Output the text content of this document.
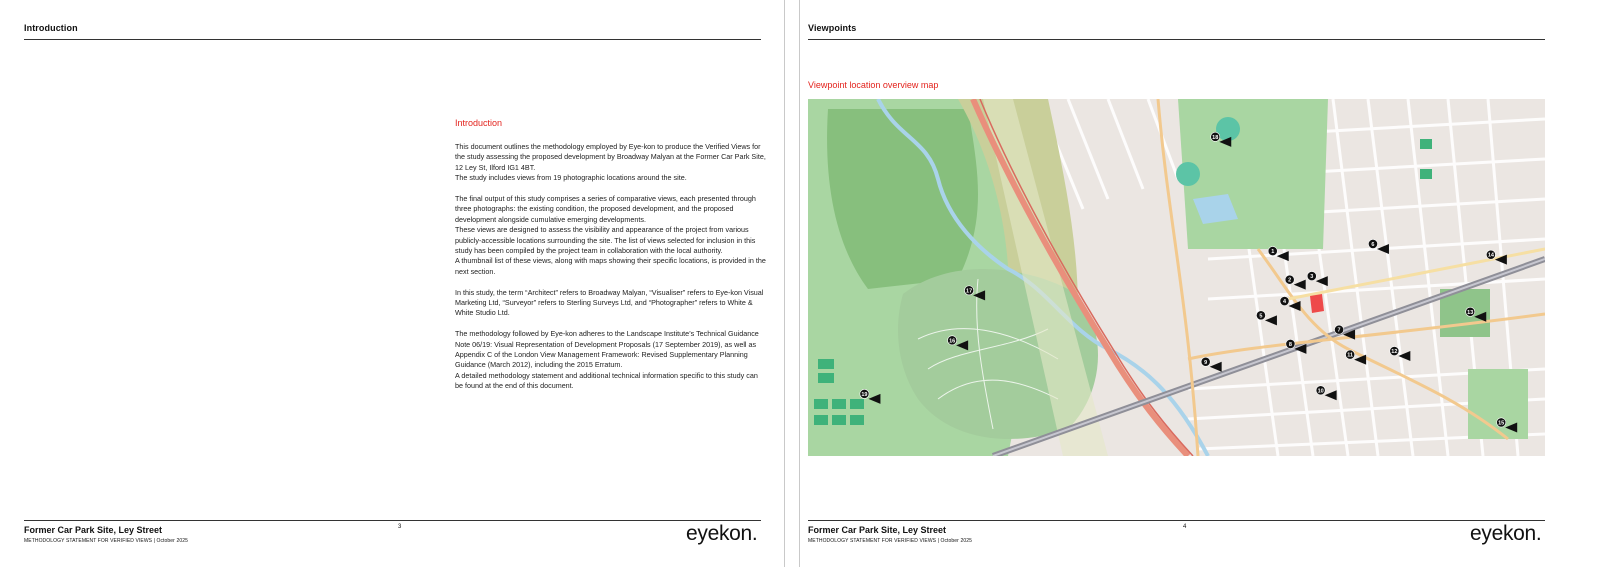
Introduction
Introduction

This document outlines the methodology employed by Eye-kon to produce the Verified Views for the study assessing the proposed development by Broadway Malyan at the Former Car Park Site, 12 Ley St, Ilford IG1 4BT.
The study includes views from 19 photographic locations around the site.

The final output of this study comprises a series of comparative views, each presented through three photographs: the existing condition, the proposed development, and the proposed development alongside cumulative emerging developments.
These views are designed to assess the visibility and appearance of the project from various publicly-accessible locations surrounding the site. The list of views selected for inclusion in this study has been compiled by the project team in collaboration with the local authority.
A thumbnail list of these views, along with maps showing their specific locations, is provided in the next section.

In this study, the term “Architect” refers to Broadway Malyan, “Visualiser” refers to Eye-kon Visual Marketing Ltd, “Surveyor” refers to Sterling Surveys Ltd, and “Photographer” refers to White & White Studio Ltd.

The methodology followed by Eye-kon adheres to the Landscape Institute’s Technical Guidance Note 06/19: Visual Representation of Development Proposals (17 September 2019), as well as Appendix C of the London View Management Framework: Revised Supplementary Planning Guidance (March 2012), including the 2015 Erratum.
A detailed methodology statement and additional technical information specific to this study can be found at the end of this document.

Former Car Park Site, Ley Street
METHODOLOGY STATEMENT FOR VERIFIED VIEWS | October 2025
3	eyekon.
Viewpoints
Viewpoint location overview map
1
2
3
4
5
6
7
8
9
10
11
12
13
14
15
16
17
18
19
Former Car Park Site, Ley Street
METHODOLOGY STATEMENT FOR VERIFIED VIEWS | October 2025
4	eyekon.
